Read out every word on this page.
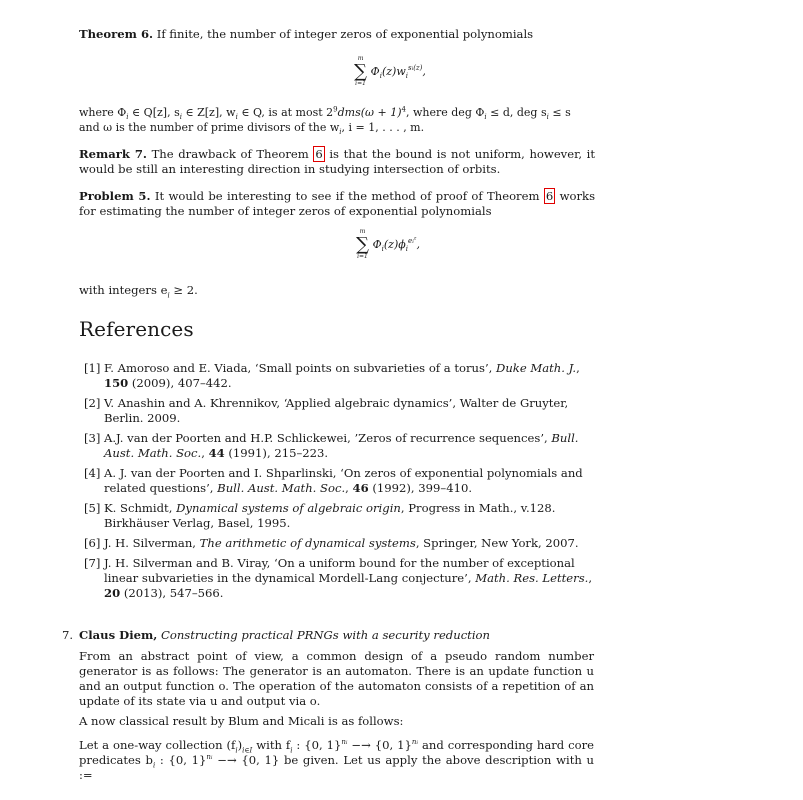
Theorem 6. If finite, the number of integer zeros of exponential polynomials

m
∑
i=1
$\Phi_i(z)w_i^{si(z)}$,

where $\Phi_i$ ∈ Q[z], $s_i$ ∈ Z[z], $w_i$ ∈ Q, is at most $2^9dms(\omega + 1)^4$, where deg $\Phi_i \le d$, deg $s_i \le s$
and ω is the number of prime divisors of the $w_i$, i = 1, . . . , m.

Remark 7. The drawback of Theorem 6 is that the bound is not uniform, however, it would be still an interesting direction in studying intersection of orbits.

Problem 5. It would be interesting to see if the method of proof of Theorem 6 works for estimating the number of integer zeros of exponential polynomials

m
∑
i=1
$\Phi_i(z)\phi_i^{ei^z}$,

with integers $e_i \ge 2$.

References
[1] F. Amoroso and E. Viada, ‘Small points on subvarieties of a torus’, Duke Math. J., 150 (2009), 407–442.
[2] V. Anashin and A. Khrennikov, ‘Applied algebraic dynamics’, Walter de Gruyter, Berlin. 2009.
[3] A.J. van der Poorten and H.P. Schlickewei, ’Zeros of recurrence sequences’, Bull. Aust. Math. Soc., 44 (1991), 215–223.
[4] A. J. van der Poorten and I. Shparlinski, ‘On zeros of exponential polynomials and related questions’, Bull. Aust. Math. Soc., 46 (1992), 399–410.
[5] K. Schmidt, Dynamical systems of algebraic origin, Progress in Math., v.128. Birkhäuser Verlag, Basel, 1995.
[6] J. H. Silverman, The arithmetic of dynamical systems, Springer, New York, 2007.
[7] J. H. Silverman and B. Viray, ‘On a uniform bound for the number of exceptional linear subvarieties in the dynamical Mordell-Lang conjecture’, Math. Res. Letters., 20 (2013), 547–566.
7. Claus Diem, Constructing practical PRNGs with a security reduction

From an abstract point of view, a common design of a pseudo random number generator is as follows: The generator is an automaton. There is an update function u and an output function o. The operation of the automaton consists of a repetition of an update of its state via u and output via o.

A now classical result by Blum and Micali is as follows:

Let a one-way collection $(f_i)_{i\in I}$ with $f_i$ : {0, 1}$^{ni}$ −→ {0, 1}$^{ni}$ and corresponding hard core predicates $b_i$ : {0, 1}$^{ni}$ −→ {0, 1} be given. Let us apply the above description with u :=
